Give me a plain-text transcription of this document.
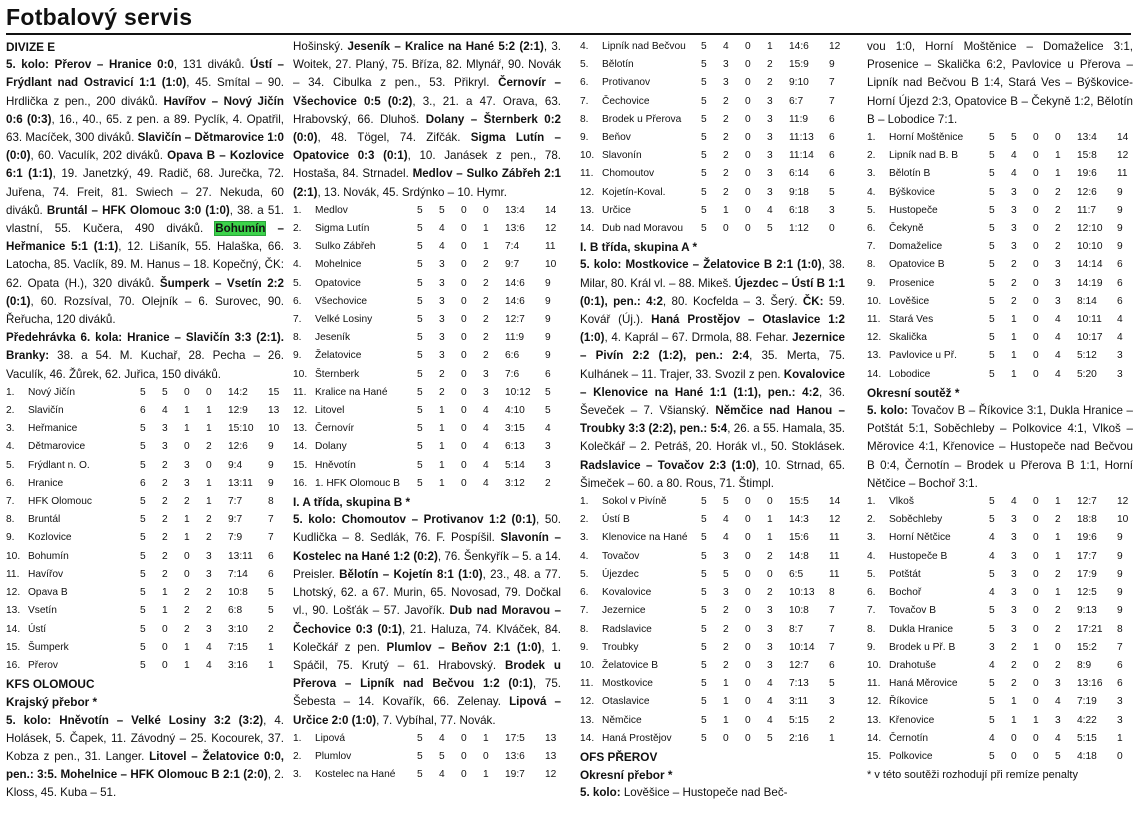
Fotbalový servis
DIVIZE E
5. kolo: Přerov – Hranice 0:0, 131 diváků. Ústí – Frýdlant nad Ostravicí 1:1 (1:0), 45. Smítal – 90. Hrdlička z pen., 200 diváků. Havířov – Nový Jičín 0:6 (0:3), 16., 40., 65. z pen. a 89. Pyclík, 4. Opatřil, 63. Macíček, 300 diváků. Slavičín – Dětmarovice 1:0 (0:0), 60. Vaculík, 202 diváků. Opava B – Kozlovice 6:1 (1:1), 19. Janetzký, 49. Radič, 68. Jurečka, 72. Juřena, 74. Freit, 81. Swiech – 27. Nekuda, 60 diváků. Bruntál – HFK Olomouc 3:0 (1:0), 38. a 51. vlastní, 55. Kučera, 490 diváků. Bohumín – Heřmanice 5:1 (1:1), 12. Lišaník, 55. Halaška, 66. Latocha, 85. Vaclík, 89. M. Hanus – 18. Kopečný, ČK: 62. Opata (H.), 320 diváků. Šumperk – Vsetín 2:2 (0:1), 60. Rozsíval, 70. Olejník – 6. Surovec, 90. Řeřucha, 120 diváků.
Předehrávka 6. kola: Hranice – Slavičín 3:3 (2:1). Branky: 38. a 54. M. Kuchař, 28. Pecha – 26. Vaculík, 46. Žůrek, 62. Juřica, 150 diváků.
1.	Nový Jičín	5	5	0	0	14:2	15
2.	Slavičín	6	4	1	1	12:9	13
3.	Heřmanice	5	3	1	1	15:10	10
4.	Dětmarovice	5	3	0	2	12:6	9
5.	Frýdlant n. O.	5	2	3	0	9:4	9
6.	Hranice	6	2	3	1	13:11	9
7.	HFK Olomouc	5	2	2	1	7:7	8
8.	Bruntál	5	2	1	2	9:7	7
9.	Kozlovice	5	2	1	2	7:9	7
10.	Bohumín	5	2	0	3	13:11	6
11.	Havířov	5	2	0	3	7:14	6
12.	Opava B	5	1	2	2	10:8	5
13.	Vsetín	5	1	2	2	6:8	5
14.	Ústí	5	0	2	3	3:10	2
15.	Šumperk	5	0	1	4	7:15	1
16.	Přerov	5	0	1	4	3:16	1
KFS OLOMOUC
Krajský přebor *
5. kolo: Hněvotín – Velké Losiny 3:2 (3:2), 4. Holásek, 5. Čapek, 11. Závodný – 25. Kocourek, 37. Kobza z pen., 31. Langer. Litovel – Želatovice 0:0, pen.: 3:5. Mohelnice – HFK Olomouc B 2:1 (2:0), 2. Kloss, 45. Kuba – 51.
Hošinský. Jeseník – Kralice na Hané 5:2 (2:1), 3. Woitek, 27. Planý, 75. Bříza, 82. Mlynář, 90. Novák – 34. Cibulka z pen., 53. Přikryl. Černovír – Všechovice 0:5 (0:2), 3., 21. a 47. Orava, 63. Hrabovský, 66. Dluhoš. Dolany – Šternberk 0:2 (0:0), 48. Tögel, 74. Zifčák. Sigma Lutín – Opatovice 0:3 (0:1), 10. Janásek z pen., 78. Hostaša, 84. Strnadel. Medlov – Sulko Zábřeh 2:1 (2:1), 13. Novák, 45. Srdýnko – 10. Hymr.
1.	Medlov	5	5	0	0	13:4	14
2.	Sigma Lutín	5	4	0	1	13:6	12
3.	Sulko Zábřeh	5	4	0	1	7:4	11
4.	Mohelnice	5	3	0	2	9:7	10
5.	Opatovice	5	3	0	2	14:6	9
6.	Všechovice	5	3	0	2	14:6	9
7.	Velké Losiny	5	3	0	2	12:7	9
8.	Jeseník	5	3	0	2	11:9	9
9.	Želatovice	5	3	0	2	6:6	9
10.	Šternberk	5	2	0	3	7:6	6
11.	Kralice na Hané	5	2	0	3	10:12	5
12.	Litovel	5	1	0	4	4:10	5
13.	Černovír	5	1	0	4	3:15	4
14.	Dolany	5	1	0	4	6:13	3
15.	Hněvotín	5	1	0	4	5:14	3
16.	1. HFK Olomouc B	5	1	0	4	3:12	2
I. A třída, skupina B *
5. kolo: Chomoutov – Protivanov 1:2 (0:1), 50. Kudlička – 8. Sedlák, 76. F. Pospíšil. Slavonín – Kostelec na Hané 1:2 (0:2), 76. Šenkyřík – 5. a 14. Preisler. Bělotín – Kojetín 8:1 (1:0), 23., 48. a 77. Lhotský, 62. a 67. Murin, 65. Novosad, 79. Dočkal vl., 90. Lošťák – 57. Javořík. Dub nad Moravou – Čechovice 0:3 (0:1), 21. Haluza, 74. Klváček, 84. Kolečkář z pen. Plumlov – Beňov 2:1 (1:0), 1. Spáčil, 75. Krutý – 61. Hrabovský. Brodek u Přerova – Lipník nad Bečvou 1:2 (0:1), 75. Šebesta – 14. Kovařík, 66. Zelenay. Lipová – Určice 2:0 (1:0), 7. Vybíhal, 77. Novák.
1.	Lipová	5	4	0	1	17:5	13
2.	Plumlov	5	5	0	0	13:6	13
3.	Kostelec na Hané	5	4	0	1	19:7	12
4.	Lipník nad Bečvou	5	4	0	1	14:6	12
5.	Bělotín	5	3	0	2	15:9	9
6.	Protivanov	5	3	0	2	9:10	7
7.	Čechovice	5	2	0	3	6:7	7
8.	Brodek u Přerova	5	2	0	3	11:9	6
9.	Beňov	5	2	0	3	11:13	6
10.	Slavonín	5	2	0	3	11:14	6
11.	Chomoutov	5	2	0	3	6:14	6
12.	Kojetín-Koval.	5	2	0	3	9:18	5
13.	Určice	5	1	0	4	6:18	3
14.	Dub nad Moravou	5	0	0	5	1:12	0
I. B třída, skupina A *
5. kolo: Mostkovice – Želatovice B 2:1 (1:0), 38. Milar, 80. Král vl. – 88. Mikeš. Újezdec – Ústí B 1:1 (0:1), pen.: 4:2, 80. Kocfelda – 3. Šerý. ČK: 59. Kovář (Új.). Haná Prostějov – Otaslavice 1:2 (1:0), 4. Kaprál – 67. Drmola, 88. Fehar. Jezernice – Pivín 2:2 (1:2), pen.: 2:4, 35. Merta, 75. Kulhánek – 11. Trajer, 33. Svozil z pen. Kovalovice – Klenovice na Hané 1:1 (1:1), pen.: 4:2, 36. Ševeček – 7. Všianský. Němčice nad Hanou – Troubky 3:3 (2:2), pen.: 5:4, 26. a 55. Hamala, 35. Kolečkář – 2. Petráš, 20. Horák vl., 50. Stoklásek. Radslavice – Tovačov 2:3 (1:0), 10. Strnad, 65. Šimeček – 60. a 80. Rous, 71. Štimpl.
1.	Sokol v Pivíně	5	5	0	0	15:5	14
2.	Ústí B	5	4	0	1	14:3	12
3.	Klenovice na Hané	5	4	0	1	15:6	11
4.	Tovačov	5	3	0	2	14:8	11
5.	Újezdec	5	5	0	0	6:5	11
6.	Kovalovice	5	3	0	2	10:13	8
7.	Jezernice	5	2	0	3	10:8	7
8.	Radslavice	5	2	0	3	8:7	7
9.	Troubky	5	2	0	3	10:14	7
10.	Želatovice B	5	2	0	3	12:7	6
11.	Mostkovice	5	1	0	4	7:13	5
12.	Otaslavice	5	1	0	4	3:11	3
13.	Němčice	5	1	0	4	5:15	2
14.	Haná Prostějov	5	0	0	5	2:16	1
OFS PŘEROV
Okresní přebor *
5. kolo: Lověšice – Hustopeče nad Beč-
vou 1:0, Horní Moštěnice – Domaželice 3:1, Prosenice – Skalička 6:2, Pavlovice u Přerova – Lipník nad Bečvou B 1:4, Stará Ves – Býškovice-Horní Újezd 2:3, Opatovice B – Čekyně 1:2, Bělotín B – Lobodice 7:1.
1.	Horní Moštěnice	5	5	0	0	13:4	14
2.	Lipník nad B. B	5	4	0	1	15:8	12
3.	Bělotín B	5	4	0	1	19:6	11
4.	Býškovice	5	3	0	2	12:6	9
5.	Hustopeče	5	3	0	2	11:7	9
6.	Čekyně	5	3	0	2	12:10	9
7.	Domaželice	5	3	0	2	10:10	9
8.	Opatovice B	5	2	0	3	14:14	6
9.	Prosenice	5	2	0	3	14:19	6
10.	Lověšice	5	2	0	3	8:14	6
11.	Stará Ves	5	1	0	4	10:11	4
12.	Skalička	5	1	0	4	10:17	4
13.	Pavlovice u Př.	5	1	0	4	5:12	3
14.	Lobodice	5	1	0	4	5:20	3
Okresní soutěž *
5. kolo: Tovačov B – Říkovice 3:1, Dukla Hranice – Potštát 5:1, Soběchleby – Polkovice 4:1, Vlkoš – Měrovice 4:1, Křenovice – Hustopeče nad Bečvou B 0:4, Černotín – Brodek u Přerova B 1:1, Horní Nětčice – Bochoř 3:1.
1.	Vlkoš	5	4	0	1	12:7	12
2.	Soběchleby	5	3	0	2	18:8	10
3.	Horní Nětčice	4	3	0	1	19:6	9
4.	Hustopeče B	4	3	0	1	17:7	9
5.	Potštát	5	3	0	2	17:9	9
6.	Bochoř	4	3	0	1	12:5	9
7.	Tovačov B	5	3	0	2	9:13	9
8.	Dukla Hranice	5	3	0	2	17:21	8
9.	Brodek u Př. B	3	2	1	0	15:2	7
10.	Drahotuše	4	2	0	2	8:9	6
11.	Haná Měrovice	5	2	0	3	13:16	6
12.	Říkovice	5	1	0	4	7:19	3
13.	Křenovice	5	1	1	3	4:22	3
14.	Černotín	4	0	0	4	5:15	1
15.	Polkovice	5	0	0	5	4:18	0
* v této soutěži rozhodují při remíze penalty
